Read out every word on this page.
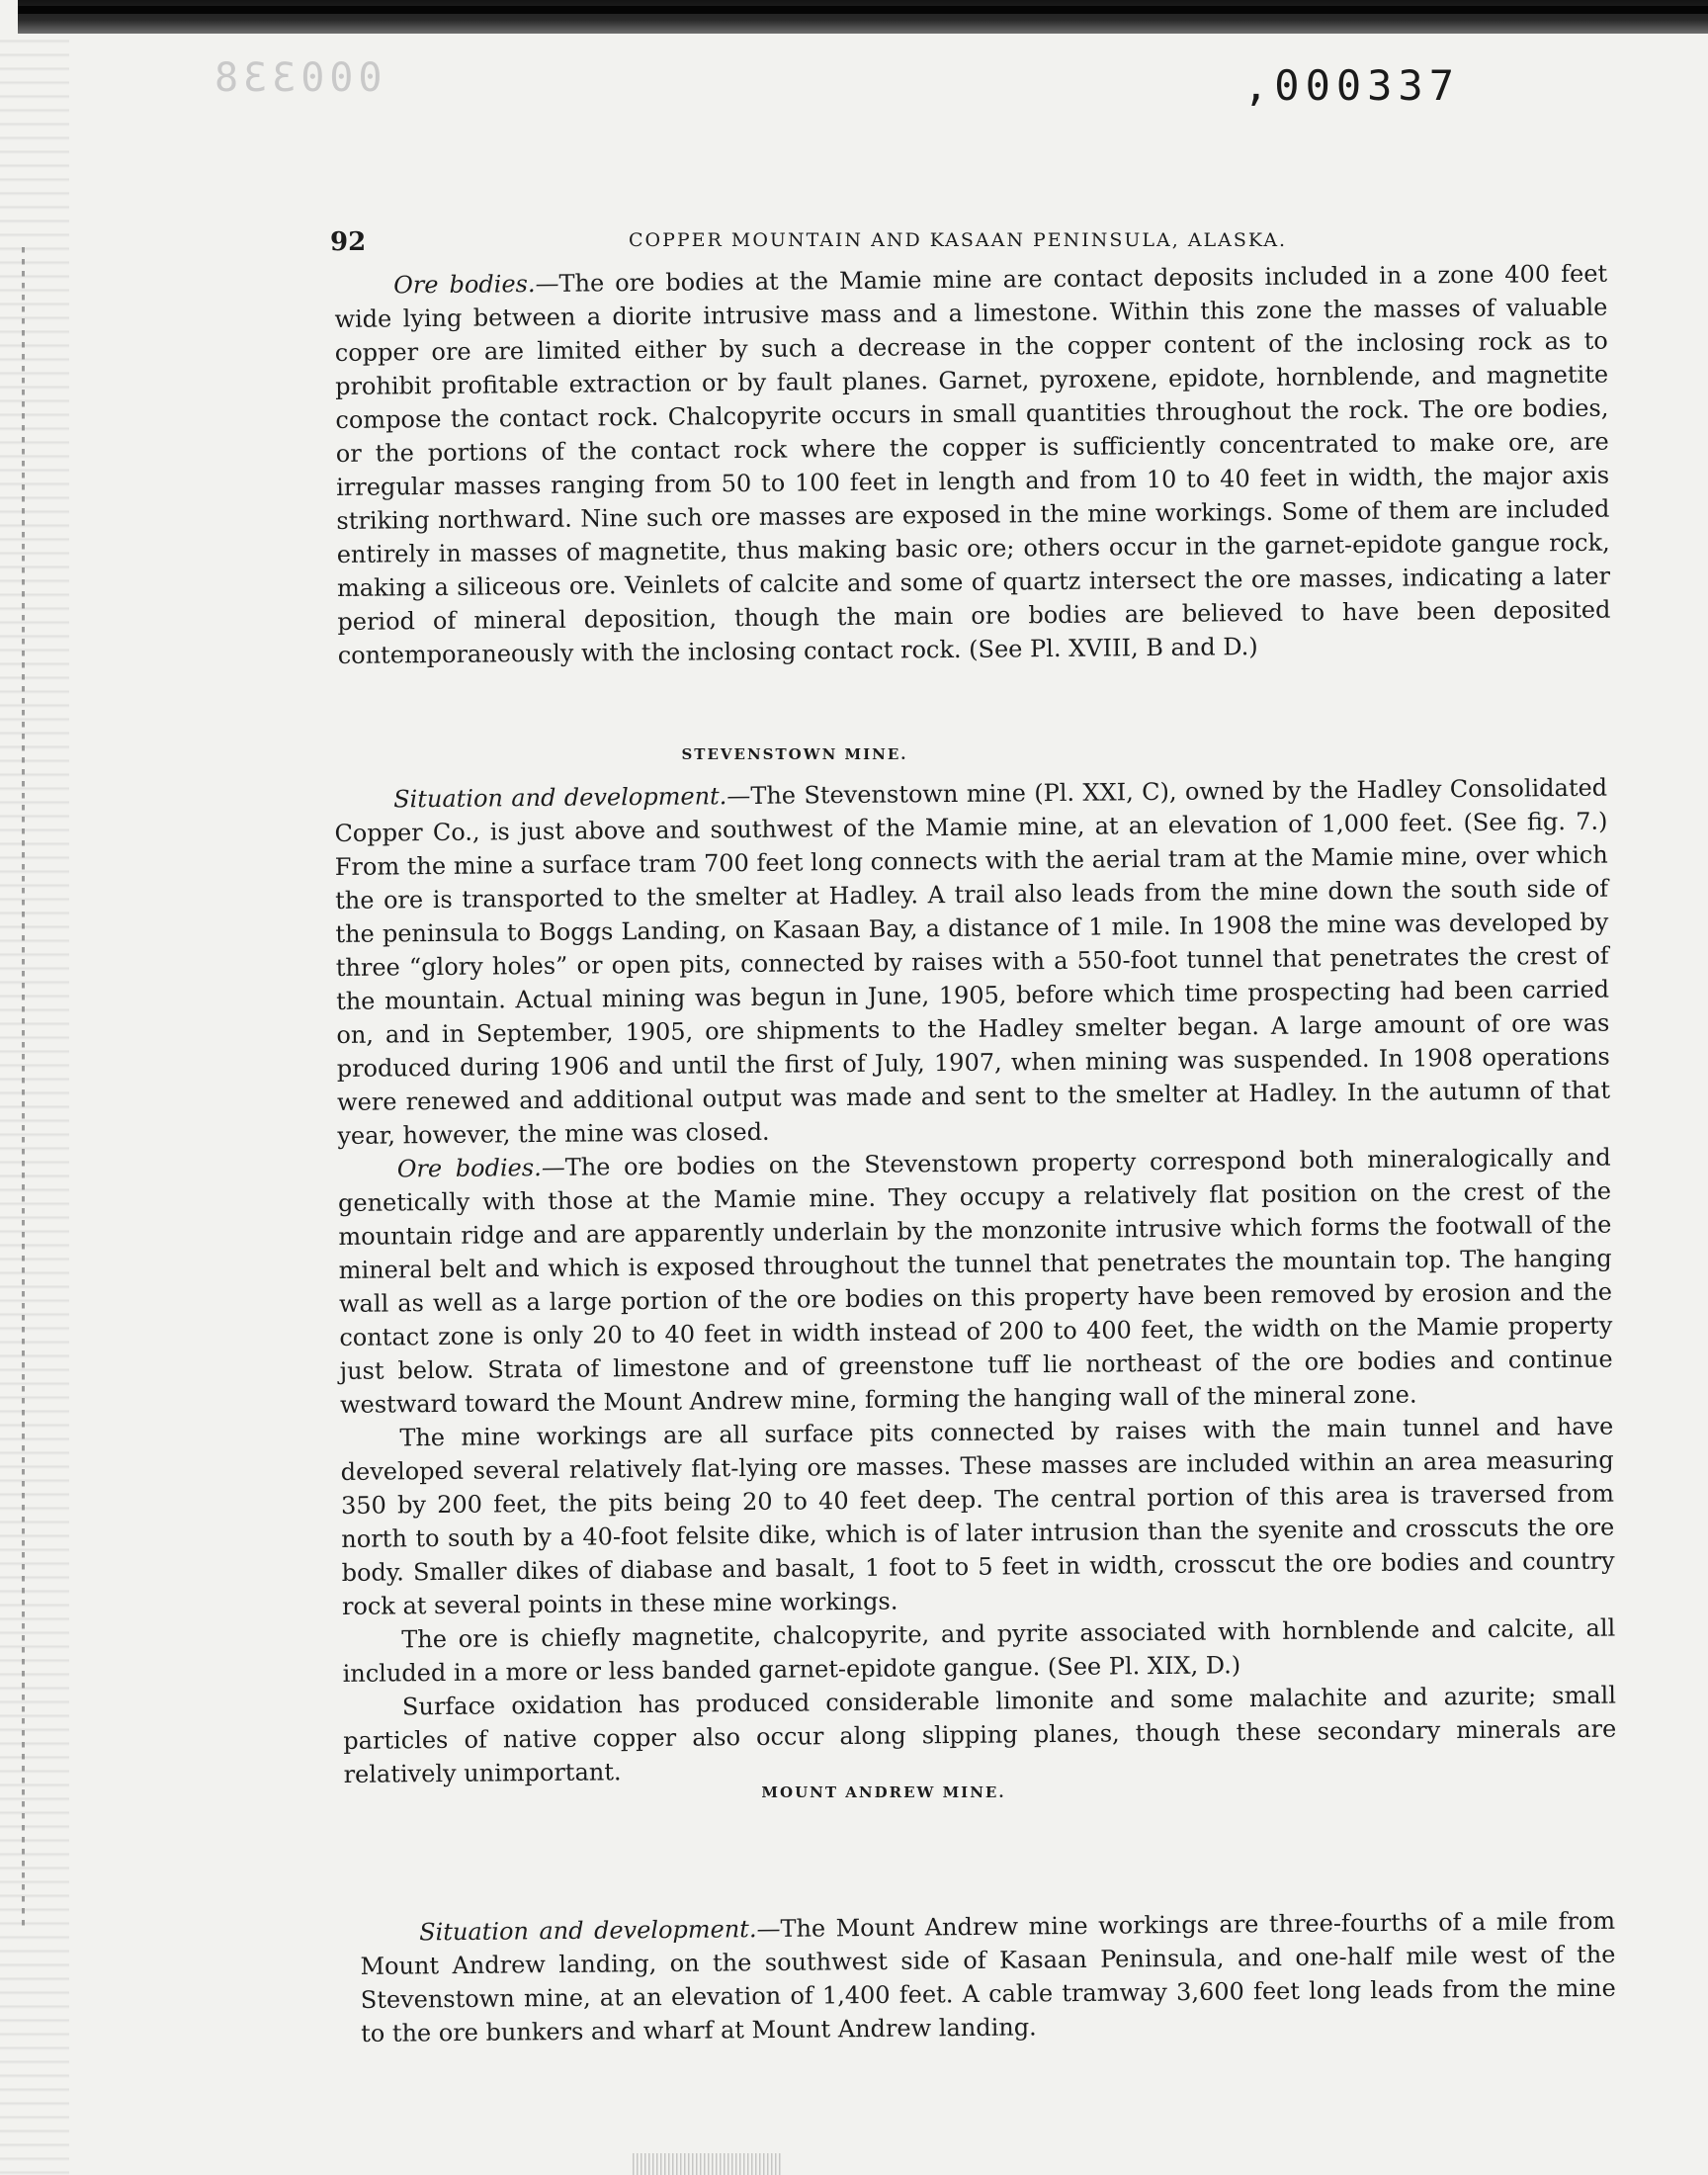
000338	,000337
92	COPPER MOUNTAIN AND KASAAN PENINSULA, ALASKA.

Ore bodies.—The ore bodies at the Mamie mine are contact deposits included in a zone 400 feet wide lying between a diorite intrusive mass and a limestone. Within this zone the masses of valuable copper ore are limited either by such a decrease in the copper content of the inclosing rock as to prohibit profitable extraction or by fault planes. Garnet, pyroxene, epidote, hornblende, and magnetite compose the contact rock. Chalcopyrite occurs in small quantities throughout the rock. The ore bodies, or the portions of the contact rock where the copper is sufficiently concentrated to make ore, are irregular masses ranging from 50 to 100 feet in length and from 10 to 40 feet in width, the major axis striking northward. Nine such ore masses are exposed in the mine workings. Some of them are included entirely in masses of magnetite, thus making basic ore; others occur in the garnet-epidote gangue rock, making a siliceous ore. Veinlets of calcite and some of quartz intersect the ore masses, indicating a later period of mineral deposition, though the main ore bodies are believed to have been deposited contemporaneously with the inclosing contact rock. (See Pl. XVIII, B and D.)

STEVENSTOWN MINE.

Situation and development.—The Stevenstown mine (Pl. XXI, C), owned by the Hadley Consolidated Copper Co., is just above and southwest of the Mamie mine, at an elevation of 1,000 feet. (See fig. 7.) From the mine a surface tram 700 feet long connects with the aerial tram at the Mamie mine, over which the ore is transported to the smelter at Hadley. A trail also leads from the mine down the south side of the peninsula to Boggs Landing, on Kasaan Bay, a distance of 1 mile. In 1908 the mine was developed by three “glory holes” or open pits, connected by raises with a 550-foot tunnel that penetrates the crest of the mountain. Actual mining was begun in June, 1905, before which time prospecting had been carried on, and in September, 1905, ore shipments to the Hadley smelter began. A large amount of ore was produced during 1906 and until the first of July, 1907, when mining was suspended. In 1908 operations were renewed and additional output was made and sent to the smelter at Hadley. In the autumn of that year, however, the mine was closed.

Ore bodies.—The ore bodies on the Stevenstown property correspond both mineralogically and genetically with those at the Mamie mine. They occupy a relatively flat position on the crest of the mountain ridge and are apparently underlain by the monzonite intrusive which forms the footwall of the mineral belt and which is exposed throughout the tunnel that penetrates the mountain top. The hanging wall as well as a large portion of the ore bodies on this property have been removed by erosion and the contact zone is only 20 to 40 feet in width instead of 200 to 400 feet, the width on the Mamie property just below. Strata of limestone and of greenstone tuff lie northeast of the ore bodies and continue westward toward the Mount Andrew mine, forming the hanging wall of the mineral zone.

The mine workings are all surface pits connected by raises with the main tunnel and have developed several relatively flat-lying ore masses. These masses are included within an area measuring 350 by 200 feet, the pits being 20 to 40 feet deep. The central portion of this area is traversed from north to south by a 40-foot felsite dike, which is of later intrusion than the syenite and crosscuts the ore body. Smaller dikes of diabase and basalt, 1 foot to 5 feet in width, crosscut the ore bodies and country rock at several points in these mine workings.

The ore is chiefly magnetite, chalcopyrite, and pyrite associated with hornblende and calcite, all included in a more or less banded garnet-epidote gangue. (See Pl. XIX, D.)

Surface oxidation has produced considerable limonite and some malachite and azurite; small particles of native copper also occur along slipping planes, though these secondary minerals are relatively unimportant.

MOUNT ANDREW MINE.

Situation and development.—The Mount Andrew mine workings are three-fourths of a mile from Mount Andrew landing, on the southwest side of Kasaan Peninsula, and one-half mile west of the Stevenstown mine, at an elevation of 1,400 feet. A cable tramway 3,600 feet long leads from the mine to the ore bunkers and wharf at Mount Andrew landing.
